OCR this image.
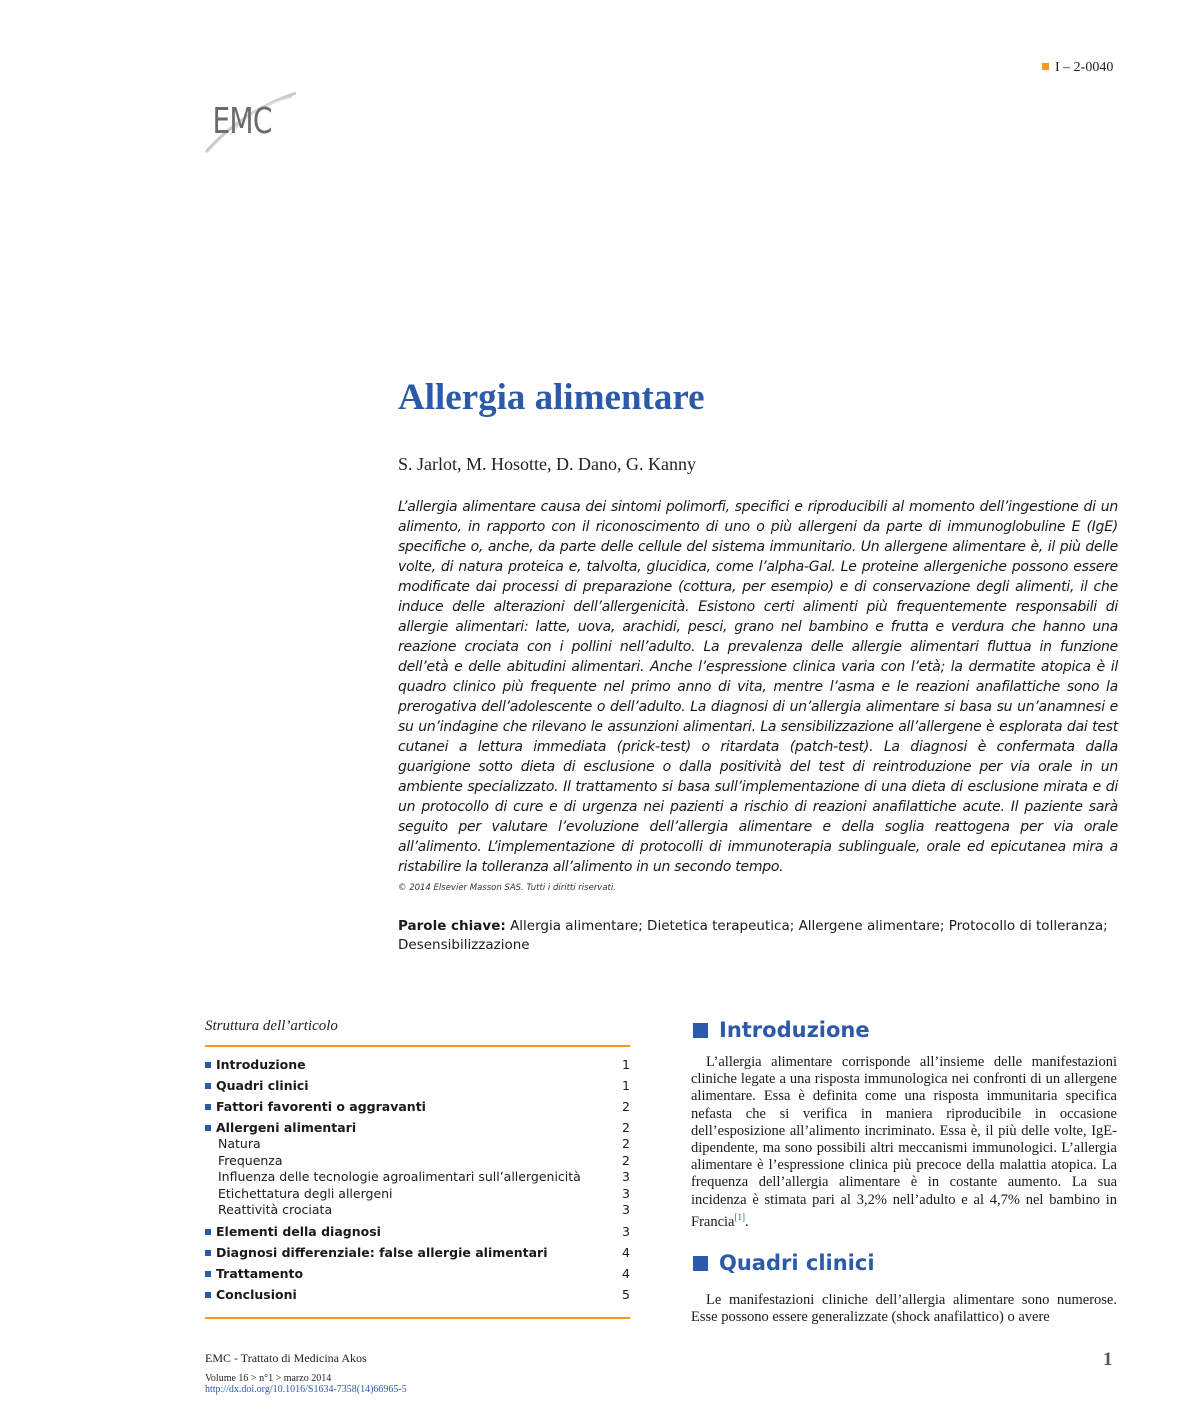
I – 2-0040
EMC
Allergia alimentare
S. Jarlot, M. Hosotte, D. Dano, G. Kanny

L’allergia alimentare causa dei sintomi polimorfi, specifici e riproducibili al momento dell’ingestione di un alimento, in rapporto con il riconoscimento di uno o più allergeni da parte di immunoglobuline E (IgE) specifiche o, anche, da parte delle cellule del sistema immunitario. Un allergene alimentare è, il più delle volte, di natura proteica e, talvolta, glucidica, come l’alpha-Gal. Le proteine allergeniche possono essere modificate dai processi di preparazione (cottura, per esempio) e di conservazione degli alimenti, il che induce delle alterazioni dell’allergenicità. Esistono certi alimenti più frequentemente responsabili di allergie alimentari: latte, uova, arachidi, pesci, grano nel bambino e frutta e verdura che hanno una reazione crociata con i pollini nell’adulto. La prevalenza delle allergie alimentari fluttua in funzione dell’età e delle abitudini alimentari. Anche l’espressione clinica varia con l’età; la dermatite atopica è il quadro clinico più frequente nel primo anno di vita, mentre l’asma e le reazioni anafilattiche sono la prerogativa dell’adolescente o dell’adulto. La diagnosi di un’allergia alimentare si basa su un’anamnesi e su un’indagine che rilevano le assunzioni alimentari. La sensibilizzazione all’allergene è esplorata dai test cutanei a lettura immediata (prick-test) o ritardata (patch-test). La diagnosi è confermata dalla guarigione sotto dieta di esclusione o dalla positività del test di reintroduzione per via orale in un ambiente specializzato. Il trattamento si basa sull’implementazione di una dieta di esclusione mirata e di un protocollo di cure e di urgenza nei pazienti a rischio di reazioni anafilattiche acute. Il paziente sarà seguito per valutare l’evoluzione dell’allergia alimentare e della soglia reattogena per via orale all’alimento. L’implementazione di protocolli di immunoterapia sublinguale, orale ed epicutanea mira a ristabilire la tolleranza all’alimento in un secondo tempo.

© 2014 Elsevier Masson SAS. Tutti i diritti riservati.

Parole chiave: Allergia alimentare; Dietetica terapeutica; Allergene alimentare; Protocollo di tolleranza; Desensibilizzazione

Struttura dell’articolo
Introduzione	1
Quadri clinici	1
Fattori favorenti o aggravanti	2
Allergeni alimentari	2
Natura	2
Frequenza	2
Influenza delle tecnologie agroalimentari sull’allergenicità	3
Etichettatura degli allergeni	3
Reattività crociata	3
Elementi della diagnosi	3
Diagnosi differenziale: false allergie alimentari	4
Trattamento	4
Conclusioni	5
Introduzione

L’allergia alimentare corrisponde all’insieme delle manifestazioni cliniche legate a una risposta immunologica nei confronti di un allergene alimentare. Essa è definita come una risposta immunitaria specifica nefasta che si verifica in maniera riproducibile in occasione dell’esposizione all’alimento incriminato. Essa è, il più delle volte, IgE-dipendente, ma sono possibili altri meccanismi immunologici. L’allergia alimentare è l’espressione clinica più precoce della malattia atopica. La frequenza dell’allergia alimentare è in costante aumento. La sua incidenza è stimata pari al 3,2% nell’adulto e al 4,7% nel bambino in Francia[1].

Quadri clinici

Le manifestazioni cliniche dell’allergia alimentare sono numerose. Esse possono essere generalizzate (shock anafilattico) o avere

EMC - Trattato di Medicina Akos
Volume 16 > n°1 > marzo 2014
http://dx.doi.org/10.1016/S1634-7358(14)66965-5
1
